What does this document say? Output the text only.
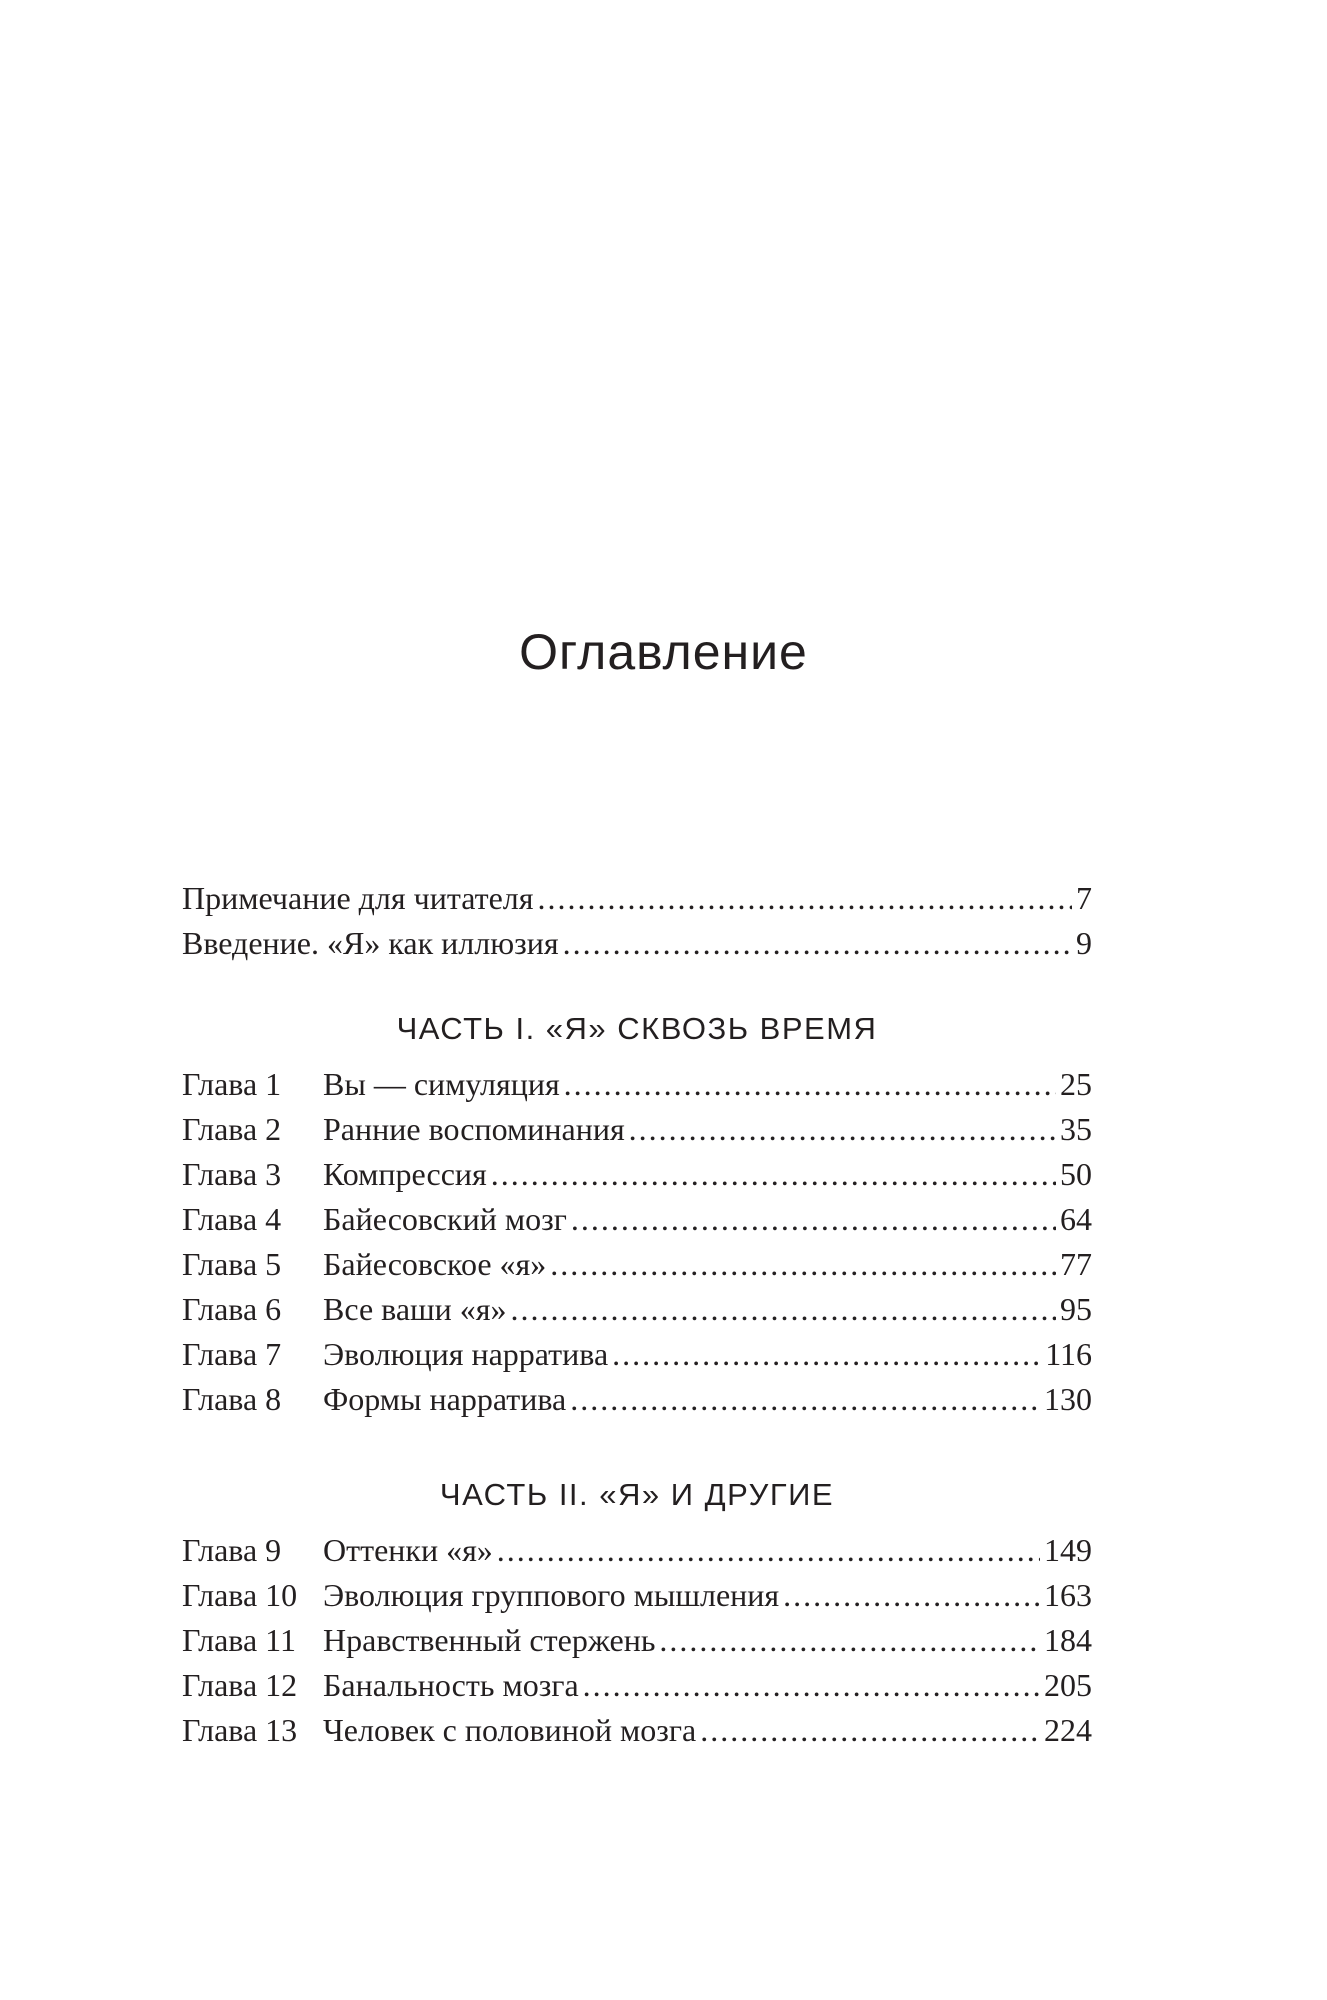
Оглавление
Примечание для читателя .....	7
Введение. «Я» как иллюзия .....	9
ЧАСТЬ I. «Я» СКВОЗЬ ВРЕМЯ
Глава 1	Вы — симуляция .....	25
Глава 2	Ранние воспоминания .....	35
Глава 3	Компрессия .....	50
Глава 4	Байесовский мозг .....	64
Глава 5	Байесовское «я» .....	77
Глава 6	Все ваши «я» .....	95
Глава 7	Эволюция нарратива .....	116
Глава 8	Формы нарратива .....	130
ЧАСТЬ II. «Я» И ДРУГИЕ
Глава 9	Оттенки «я» .....	149
Глава 10 Эволюция группового мышления .....	163
Глава 11 Нравственный стержень .....	184
Глава 12 Банальность мозга .....	205
Глава 13 Человек с половиной мозга .....	224
